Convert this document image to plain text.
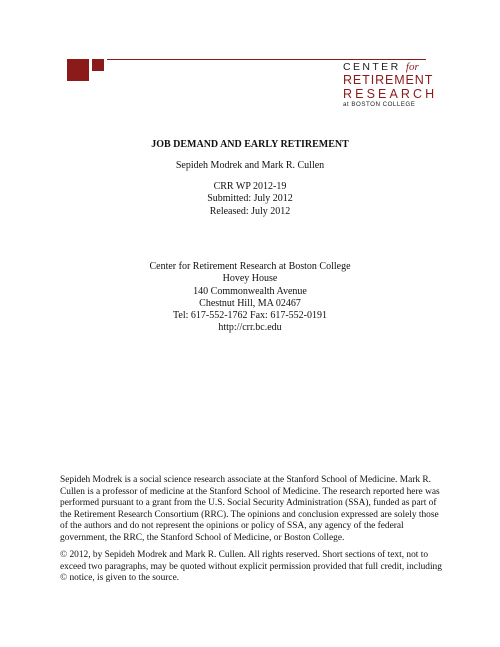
CENTER for
RETIREMENT
RESEARCH
at BOSTON COLLEGE
JOB DEMAND AND EARLY RETIREMENT
Sepideh Modrek and Mark R. Cullen
CRR WP 2012-19
Submitted: July 2012
Released: July 2012
Center for Retirement Research at Boston College
Hovey House
140 Commonwealth Avenue
Chestnut Hill, MA 02467
Tel: 617-552-1762 Fax: 617-552-0191
http://crr.bc.edu
Sepideh Modrek is a social science research associate at the Stanford School of Medicine. Mark R. Cullen is a professor of medicine at the Stanford School of Medicine. The research reported here was performed pursuant to a grant from the U.S. Social Security Administration (SSA), funded as part of the Retirement Research Consortium (RRC). The opinions and conclusion expressed are solely those of the authors and do not represent the opinions or policy of SSA, any agency of the federal government, the RRC, the Stanford School of Medicine, or Boston College.
© 2012, by Sepideh Modrek and Mark R. Cullen. All rights reserved. Short sections of text, not to exceed two paragraphs, may be quoted without explicit permission provided that full credit, including © notice, is given to the source.
